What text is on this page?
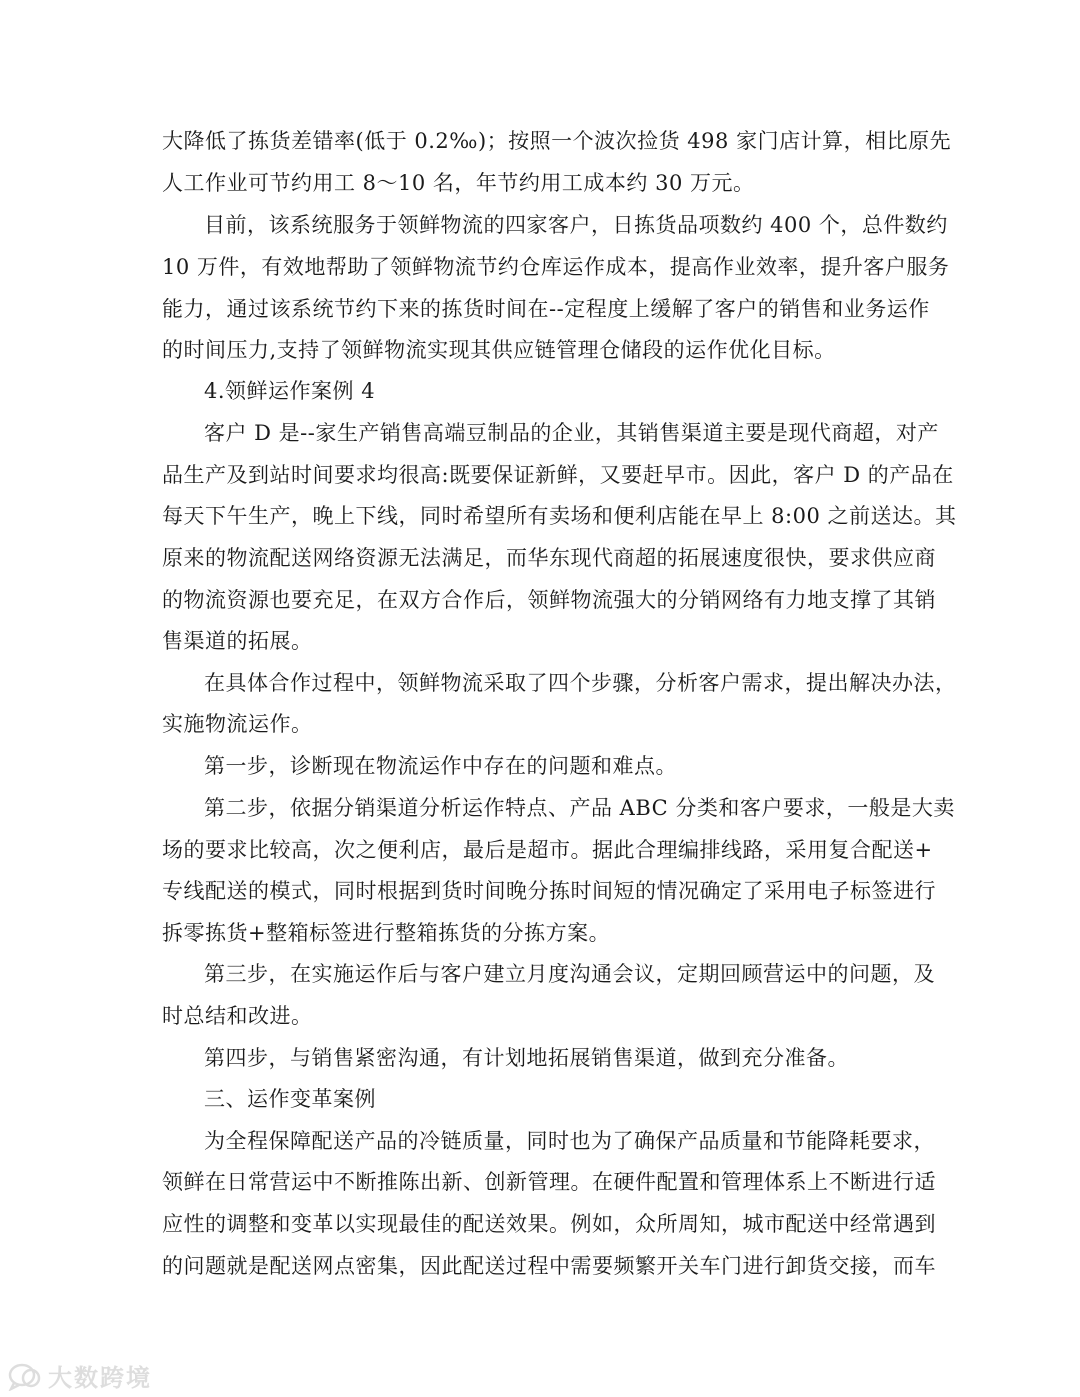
大降低了拣货差错率(低于 0.2‰)；按照一个波次捡货 498 家门店计算，相比原先
人工作业可节约用工 8～10 名，年节约用工成本约 30 万元。
目前，该系统服务于领鲜物流的四家客户，日拣货品项数约 400 个，总件数约
10 万件，有效地帮助了领鲜物流节约仓库运作成本，提高作业效率，提升客户服务
能力，通过该系统节约下来的拣货时间在--定程度上缓解了客户的销售和业务运作
的时间压力,支持了领鲜物流实现其供应链管理仓储段的运作优化目标。
4.领鲜运作案例 4
客户 D 是--家生产销售高端豆制品的企业，其销售渠道主要是现代商超，对产
品生产及到站时间要求均很高:既要保证新鲜，又要赶早市。因此，客户 D 的产品在
每天下午生产，晚上下线，同时希望所有卖场和便利店能在早上 8:00 之前送达。其
原来的物流配送网络资源无法满足，而华东现代商超的拓展速度很快，要求供应商
的物流资源也要充足，在双方合作后，领鲜物流强大的分销网络有力地支撑了其销
售渠道的拓展。
在具体合作过程中，领鲜物流采取了四个步骤，分析客户需求，提出解决办法，
实施物流运作。
第一步，诊断现在物流运作中存在的问题和难点。
第二步，依据分销渠道分析运作特点、产品 ABC 分类和客户要求，一般是大卖
场的要求比较高，次之便利店，最后是超市。据此合理编排线路，采用复合配送+
专线配送的模式，同时根据到货时间晚分拣时间短的情况确定了采用电子标签进行
拆零拣货+整箱标签进行整箱拣货的分拣方案。
第三步，在实施运作后与客户建立月度沟通会议，定期回顾营运中的问题，及
时总结和改进。
第四步，与销售紧密沟通，有计划地拓展销售渠道，做到充分准备。
三、运作变革案例
为全程保障配送产品的冷链质量，同时也为了确保产品质量和节能降耗要求，
领鲜在日常营运中不断推陈出新、创新管理。在硬件配置和管理体系上不断进行适
应性的调整和变革以实现最佳的配送效果。例如，众所周知，城市配送中经常遇到
的问题就是配送网点密集，因此配送过程中需要频繁开关车门进行卸货交接，而车
大数跨境
